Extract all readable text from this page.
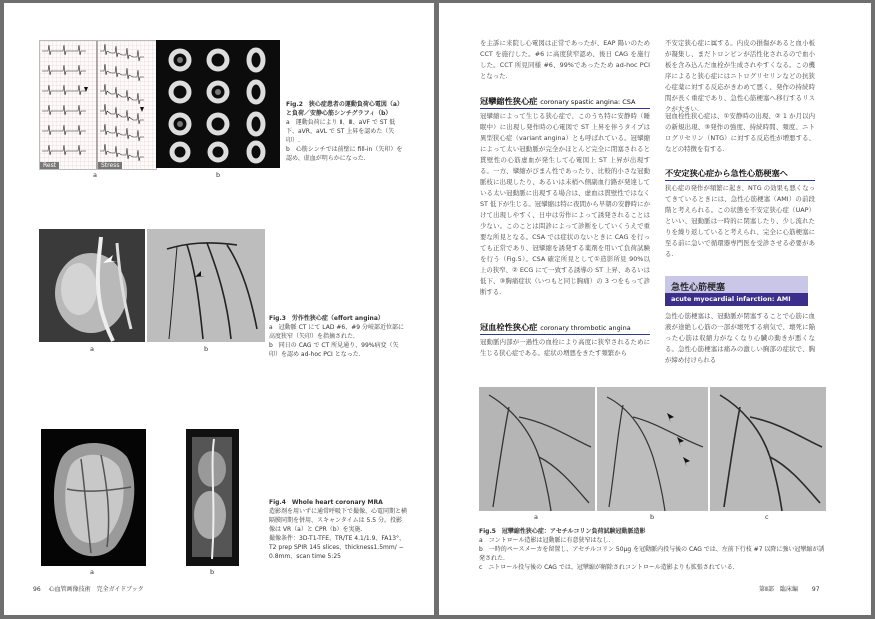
Rest	Stress
a	b
Fig.2　狭心症患者の運動負荷心電図（a）と負荷／安静心筋シンチグラフィ（b）
a　運動負荷により Ⅱ、Ⅲ、aVF で ST 低下、aVR、aVL で ST 上昇を認めた（矢印）.
b　心筋シンチでは前壁に fill-in（矢印）を認め、虚血が明らかになった.
a	b
Fig.3　労作性狭心症（effort angina）
a　冠動脈 CT にて LAD #6、#9 分岐部近位部に高度狭窄（矢印）を指摘された.
b　同日の CAG で CT 所見通り、99%病変（矢印）を認め ad-hoc PCI となった.
a	b
Fig.4　Whole heart coronary MRA
造影剤を用いずに通常呼吸下で撮像、心電同期と横隔膜同期を併用、スキャンタイムは 5.5 分。投影像は VR（a）と CPR（b）を実施.
撮像条件：3D-T1-TFE、TR/TE 4.1/1.9、FA13°、T2 prep SPIR 145 slices、thickness1.5mm/ − 0.8mm、scan time 5:25
96 心血管画像技術　完全ガイドブック
を主訴に来院し心電図は正常であったが、EAP 陽いのため CCT を施行した。#6 に高度狭窄認め、後日 CAG を施行した。CCT 所見同様 #6、99%であったため ad-hoc PCI となった.
冠攣縮性狭心症 coronary spastic angina: CSA
冠攣縮によって生じる狭心症で、このうち特に安静時（睡眠中）に出現し発作時の心電図で ST 上昇を伴うタイプは異型狭心症（variant angina）とも呼ばれている。冠攣縮によって太い冠動脈が完全かほとんど完全に閉塞されると貫壁性の心筋虚血が発生して心電図上 ST 上昇が出現する。一方、攣縮がびまん性であったり、比較的小さな冠動脈枝に出現したり、あるいは未梢へ側副血行路が発達している太い冠動脈に出現する場合は、虚血は貫壁性ではなく ST 低下が生じる。冠攣縮は特に夜間から早朝の安静時にかけて出現しやすく、日中は労作によって誘発されることは少ない。このことは問診によって診断をしていくうえで重要な所見となる。CSA では症状のないときに CAG を行っても正常であり、冠攣縮を誘発する薬剤を用いて負荷試験を行う（Fig.5）。CSA 確定所見として①造影所見 90%以上の狭窄、② ECG にて一致する誘導の ST 上昇、あるいは低下、③胸痛症状（いつもと同じ胸痛）の 3 つをもって診断する.
冠血栓性狭心症 coronary thrombotic angina
冠動脈内部が一過性の血栓により高度に狭窄されるために生じる狭心症である。症状の増悪をきたす頻繁から
不安定狭心症に属する。内皮の損傷があると血小板が凝集し、まだトロンビンが活性化されるので血小板を含み込んだ血栓が生成されやすくなる。この機序によると狭心症にはニトログリセリンなどの抗狭心症薬に対する反応がきわめて悪く、発作の持続時間が長く重症であり、急性心筋梗塞へ移行するリスクが大きい.
冠血栓性狭心症は、①安静時の出現、② 1 か月以内の新規出現、③発作の強度、持続時間、頻度、ニトログリセリン（NTG）に対する反応性が増悪する、などの特徴を有する.
不安定狭心症から急性心筋梗塞へ
狭心症の発作が頻繁に起き、NTG の効果も悪くなってきているときには、急性心筋梗塞（AMI）の前段階と考えられる。この状態を不安定狭心症（UAP）といい、冠動脈は一時的に閉塞したり、少し流れたりを繰り返していると考えられ、完全に心筋梗塞に至る前に急いで循環器専門医を受診させる必要がある.
急性心筋梗塞
acute myocardial infarction: AMI
急性心筋梗塞は、冠動脈が閉塞することで心筋に血液が途絶し心筋の一部が壊死する病気で、壊死に陥った心筋は収縮力がなくなり心臓の動きが悪くなる。急性心筋梗塞は痛みの激しい胸部の症状で、胸が締め付けられる
a	b	c
Fig.5　冠攣縮性狭心症：アセチルコリン負荷試験冠動脈造影
a　コントロール造影は冠動脈に有意狭窄はなし.
b　一時的ペースメーカを留置し、アセチルコリン 50μg を冠動脈内投与後の CAG では、左前下行枝 #7 以降に強い冠攣縮が誘発された.
c　ニトロール投与後の CAG では、冠攣縮が解除されコントロール造影よりも拡張されている.
第Ⅱ部　臨床編 97
